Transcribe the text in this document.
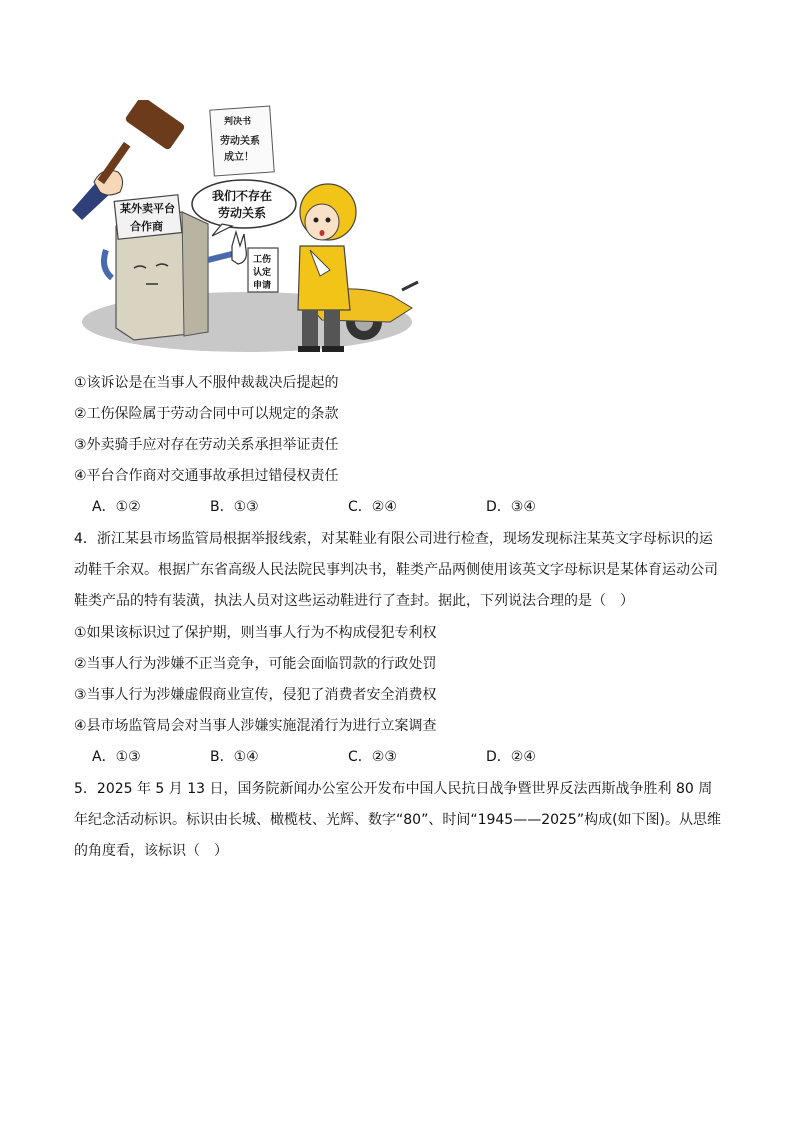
判决书
劳动关系
成立！
我们不存在
劳动关系
某外卖平台
合作商
工伤
认定
申请
①该诉讼是在当事人不服仲裁裁决后提起的
②工伤保险属于劳动合同中可以规定的条款
③外卖骑手应对存在劳动关系承担举证责任
④平台合作商对交通事故承担过错侵权责任
A．①②	B．①③	C．②④	D．③④
4．浙江某县市场监管局根据举报线索，对某鞋业有限公司进行检查，现场发现标注某英文字母标识的运动鞋千余双。根据广东省高级人民法院民事判决书，鞋类产品两侧使用该英文字母标识是某体育运动公司鞋类产品的特有装潢，执法人员对这些运动鞋进行了查封。据此，下列说法合理的是（　）
①如果该标识过了保护期，则当事人行为不构成侵犯专利权
②当事人行为涉嫌不正当竞争，可能会面临罚款的行政处罚
③当事人行为涉嫌虚假商业宣传，侵犯了消费者安全消费权
④县市场监管局会对当事人涉嫌实施混淆行为进行立案调查
A．①③	B．①④	C．②③	D．②④
5．2025 年 5 月 13 日，国务院新闻办公室公开发布中国人民抗日战争暨世界反法西斯战争胜利 80 周年纪念活动标识。标识由长城、橄榄枝、光辉、数字“80”、时间“1945——2025”构成(如下图)。从思维的角度看，该标识（　）
